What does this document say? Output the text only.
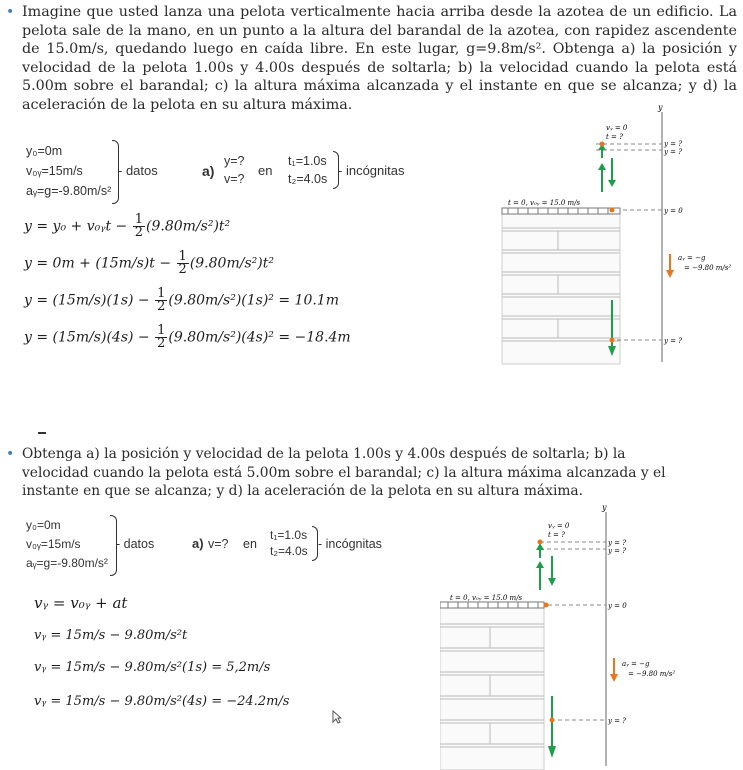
• Imagine que usted lanza una pelota verticalmente hacia arriba desde la azotea de un edificio. La pelota sale de la mano, en un punto a la altura del barandal de la azotea, con rapidez ascendente de 15.0m/s, quedando luego en caída libre. En este lugar, g=9.8m/s². Obtenga a) la posición y velocidad de la pelota 1.00s y 4.00s después de soltarla; b) la velocidad cuando la pelota está 5.00m sobre el barandal; c) la altura máxima alcanzada y el instante en que se alcanza; y d) la aceleración de la pelota en su altura máxima.
y₀=0m
v₀ᵧ=15m/s
aᵧ=g=-9.80m/s²
- datos	a)
y=?
v=?
en
t₁=1.0s
t₂=4.0s
- incógnitas
y = y₀ + v₀ᵧt − $\frac{1}{2} (9.80m/s^2)t^2$
$y = 0m + (15m/s)t - \frac{1}{2} (9.80m/s^2)t^2$
$y = (15m/s)(1s) - \frac{1}{2} (9.80m/s^2)(1s)^2 = 10.1m$
$y = (15m/s)(4s) - \frac{1}{2} (9.80m/s^2)(4s)^2 = -18.4m$
y
vᵧ = 0
t = ?
y = ?
y = ?
t = 0, v₀ᵧ = 15.0 m/s
y = 0
aᵧ = −g
= −9.80 m/s²
y = ?
• Obtenga a) la posición y velocidad de la pelota 1.00s y 4.00s después de soltarla; b) la velocidad cuando la pelota está 5.00m sobre el barandal; c) la altura máxima alcanzada y el instante en que se alcanza; y d) la aceleración de la pelota en su altura máxima.
y₀=0m
v₀ᵧ=15m/s
aᵧ=g=-9.80m/s²
- datos	a) v=? en
t₁=1.0s
t₂=4.0s - incógnitas
vᵧ = v₀ᵧ + at
vᵧ = 15m/s − 9.80m/s²t
vᵧ = 15m/s − 9.80m/s²(1s) = 5,2m/s
vᵧ = 15m/s − 9.80m/s²(4s) = −24.2m/s
y
vᵧ = 0
t = ?
y = ?
y = ?
t = 0, v₀ᵧ = 15.0 m/s
y = 0
aᵧ = −g
= −9.80 m/s²
y = ?
